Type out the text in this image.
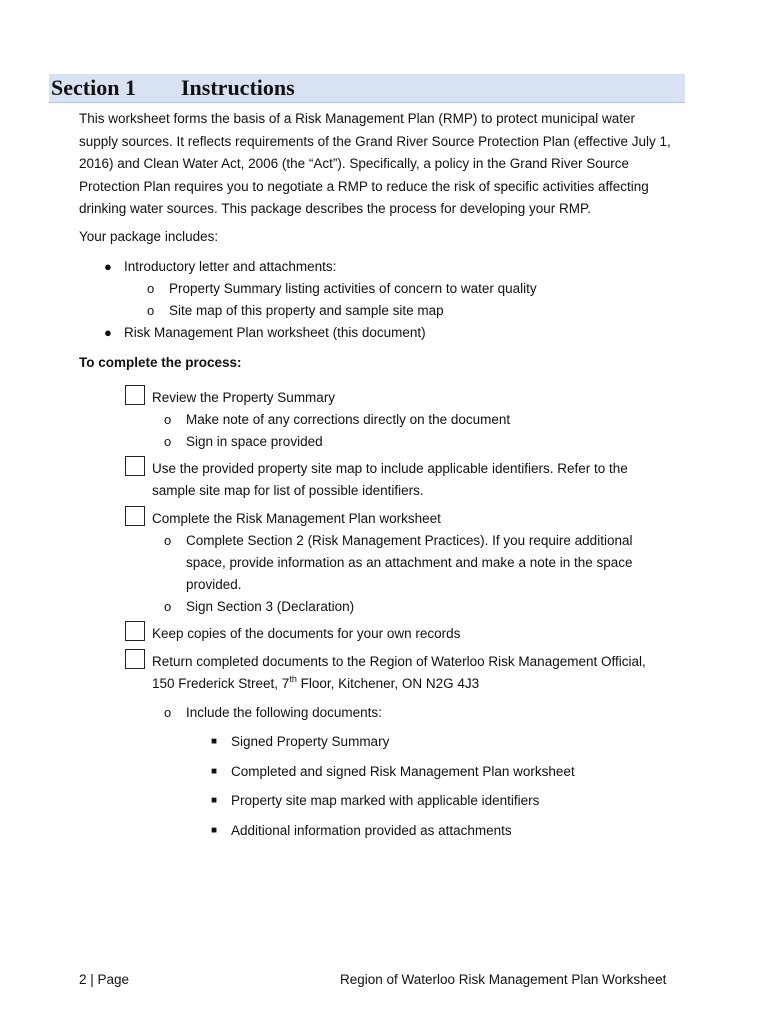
Section 1 Instructions

This worksheet forms the basis of a Risk Management Plan (RMP) to protect municipal water
supply sources. It reflects requirements of the Grand River Source Protection Plan (effective July 1,
2016) and Clean Water Act, 2006 (the “Act”). Specifically, a policy in the Grand River Source
Protection Plan requires you to negotiate a RMP to reduce the risk of specific activities affecting
drinking water sources. This package describes the process for developing your RMP.

Your package includes:
● Introductory letter and attachments:
o Property Summary listing activities of concern to water quality
o Site map of this property and sample site map
● Risk Management Plan worksheet (this document)
To complete the process:
Review the Property Summary
o Make note of any corrections directly on the document
o Sign in space provided
Use the provided property site map to include applicable identifiers. Refer to the
sample site map for list of possible identifiers.
Complete the Risk Management Plan worksheet
o Complete Section 2 (Risk Management Practices). If you require additional
space, provide information as an attachment and make a note in the space
provided.
o Sign Section 3 (Declaration)
Keep copies of the documents for your own records
Return completed documents to the Region of Waterloo Risk Management Official,
150 Frederick Street, 7th Floor, Kitchener, ON N2G 4J3
o Include the following documents:
■ Signed Property Summary
■ Completed and signed Risk Management Plan worksheet
■ Property site map marked with applicable identifiers
■ Additional information provided as attachments
2 | Page	Region of Waterloo Risk Management Plan Worksheet
